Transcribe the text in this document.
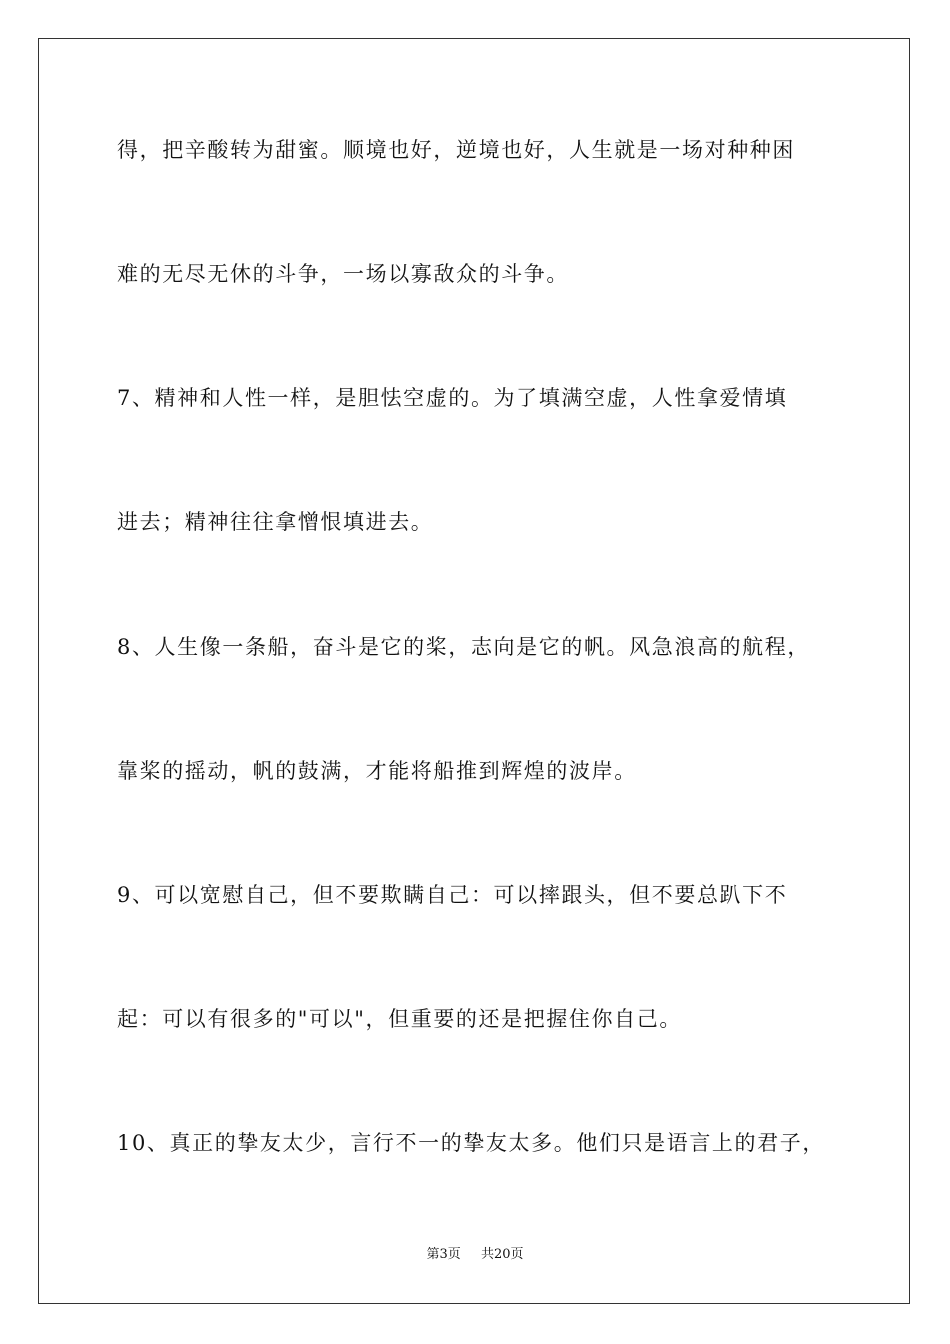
得，把辛酸转为甜蜜。顺境也好，逆境也好，人生就是一场对种种困
难的无尽无休的斗争，一场以寡敌众的斗争。
7、精神和人性一样，是胆怯空虚的。为了填满空虚，人性拿爱情填
进去；精神往往拿憎恨填进去。
8、人生像一条船，奋斗是它的桨，志向是它的帆。风急浪高的航程，
靠桨的摇动，帆的鼓满，才能将船推到辉煌的波岸。
9、可以宽慰自己，但不要欺瞒自己：可以摔跟头，但不要总趴下不
起：可以有很多的"可以"，但重要的还是把握住你自己。
10、真正的挚友太少，言行不一的挚友太多。他们只是语言上的君子，
第3页 共20页
